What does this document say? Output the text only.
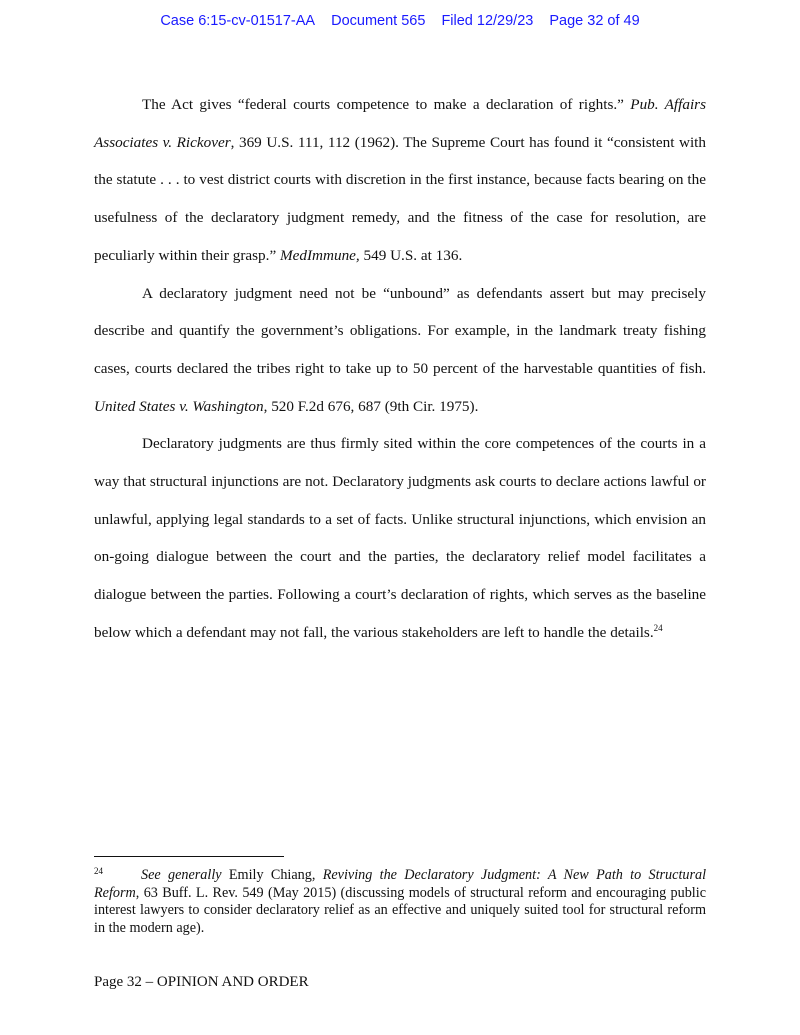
Case 6:15-cv-01517-AA Document 565 Filed 12/29/23 Page 32 of 49

The Act gives “federal courts competence to make a declaration of rights.” Pub. Affairs Associates v. Rickover, 369 U.S. 111, 112 (1962). The Supreme Court has found it “consistent with the statute . . . to vest district courts with discretion in the first instance, because facts bearing on the usefulness of the declaratory judgment remedy, and the fitness of the case for resolution, are peculiarly within their grasp.” MedImmune, 549 U.S. at 136.

A declaratory judgment need not be “unbound” as defendants assert but may precisely describe and quantify the government’s obligations. For example, in the landmark treaty fishing cases, courts declared the tribes right to take up to 50 percent of the harvestable quantities of fish. United States v. Washington, 520 F.2d 676, 687 (9th Cir. 1975).

Declaratory judgments are thus firmly sited within the core competences of the courts in a way that structural injunctions are not. Declaratory judgments ask courts to declare actions lawful or unlawful, applying legal standards to a set of facts. Unlike structural injunctions, which envision an on-going dialogue between the court and the parties, the declaratory relief model facilitates a dialogue between the parties. Following a court’s declaration of rights, which serves as the baseline below which a defendant may not fall, the various stakeholders are left to handle the details.$^{24}$

$^{24}$	See generally Emily Chiang, Reviving the Declaratory Judgment: A New Path to Structural Reform, 63 Buff. L. Rev. 549 (May 2015) (discussing models of structural reform and encouraging public interest lawyers to consider declaratory relief as an effective and uniquely suited tool for structural reform in the modern age).
Page 32 – OPINION AND ORDER
